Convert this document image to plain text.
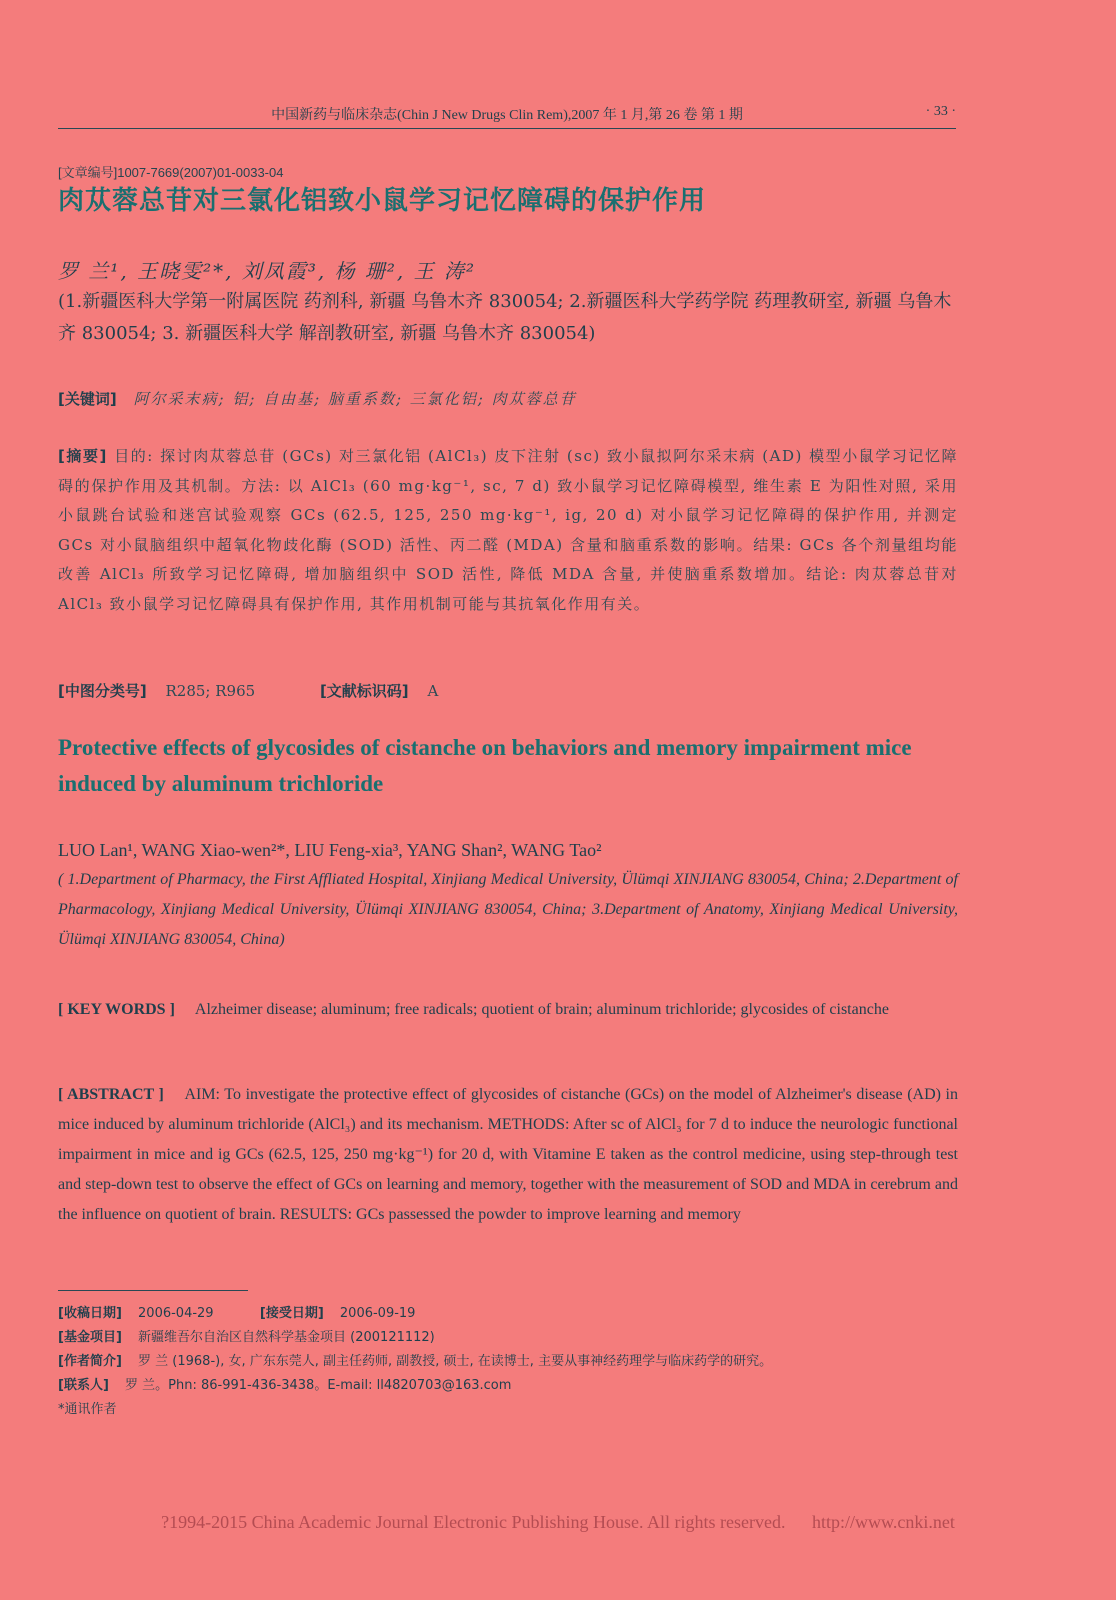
中国新药与临床杂志(Chin J New Drugs Clin Rem),2007 年 1 月,第 26 卷 第 1 期	· 33 ·
[文章编号]1007-7669(2007)01-0033-04
肉苁蓉总苷对三氯化铝致小鼠学习记忆障碍的保护作用
罗 兰¹, 王晓雯²*, 刘凤霞³, 杨 珊², 王 涛²
(1.新疆医科大学第一附属医院 药剂科, 新疆 乌鲁木齐 830054; 2.新疆医科大学药学院 药理教研室, 新疆 乌鲁木齐 830054; 3. 新疆医科大学 解剖教研室, 新疆 乌鲁木齐 830054)
[关键词] 阿尔采末病; 铝; 自由基; 脑重系数; 三氯化铝; 肉苁蓉总苷
[摘要] 目的: 探讨肉苁蓉总苷 (GCs) 对三氯化铝 (AlCl₃) 皮下注射 (sc) 致小鼠拟阿尔采末病 (AD) 模型小鼠学习记忆障碍的保护作用及其机制。方法: 以 AlCl₃ (60 mg·kg⁻¹, sc, 7 d) 致小鼠学习记忆障碍模型, 维生素 E 为阳性对照, 采用小鼠跳台试验和迷宫试验观察 GCs (62.5, 125, 250 mg·kg⁻¹, ig, 20 d) 对小鼠学习记忆障碍的保护作用, 并测定 GCs 对小鼠脑组织中超氧化物歧化酶 (SOD) 活性、丙二醛 (MDA) 含量和脑重系数的影响。结果: GCs 各个剂量组均能改善 AlCl₃ 所致学习记忆障碍, 增加脑组织中 SOD 活性, 降低 MDA 含量, 并使脑重系数增加。结论: 肉苁蓉总苷对 AlCl₃ 致小鼠学习记忆障碍具有保护作用, 其作用机制可能与其抗氧化作用有关。
[中图分类号] R285; R965	[文献标识码] A
Protective effects of glycosides of cistanche on behaviors and memory impairment mice induced by aluminum trichloride
LUO Lan¹, WANG Xiao-wen²*, LIU Feng-xia³, YANG Shan², WANG Tao²
( 1.Department of Pharmacy, the First Affliated Hospital, Xinjiang Medical University, Ülümqi XINJIANG 830054, China; 2.Department of Pharmacology, Xinjiang Medical University, Ülümqi XINJIANG 830054, China; 3.Department of Anatomy, Xinjiang Medical University, Ülümqi XINJIANG 830054, China)
[ KEY WORDS ] Alzheimer disease; aluminum; free radicals; quotient of brain; aluminum trichloride; glycosides of cistanche
[ ABSTRACT ] AIM: To investigate the protective effect of glycosides of cistanche (GCs) on the model of Alzheimer's disease (AD) in mice induced by aluminum trichloride (AlCl₃) and its mechanism. METHODS: After sc of AlCl₃ for 7 d to induce the neurologic functional impairment in mice and ig GCs (62.5, 125, 250 mg·kg⁻¹) for 20 d, with Vitamine E taken as the control medicine, using step-through test and step-down test to observe the effect of GCs on learning and memory, together with the measurement of SOD and MDA in cerebrum and the influence on quotient of brain. RESULTS: GCs passessed the powder to improve learning and memory
[收稿日期] 2006-04-29	[接受日期] 2006-09-19
[基金项目] 新疆维吾尔自治区自然科学基金项目 (200121112)
[作者简介] 罗 兰 (1968-), 女, 广东东莞人, 副主任药师, 副教授, 硕士, 在读博士, 主要从事神经药理学与临床药学的研究。
[联系人] 罗 兰。Phn: 86-991-436-3438。E-mail: ll4820703@163.com
*通讯作者
?1994-2015 China Academic Journal Electronic Publishing House. All rights reserved. http://www.cnki.net
